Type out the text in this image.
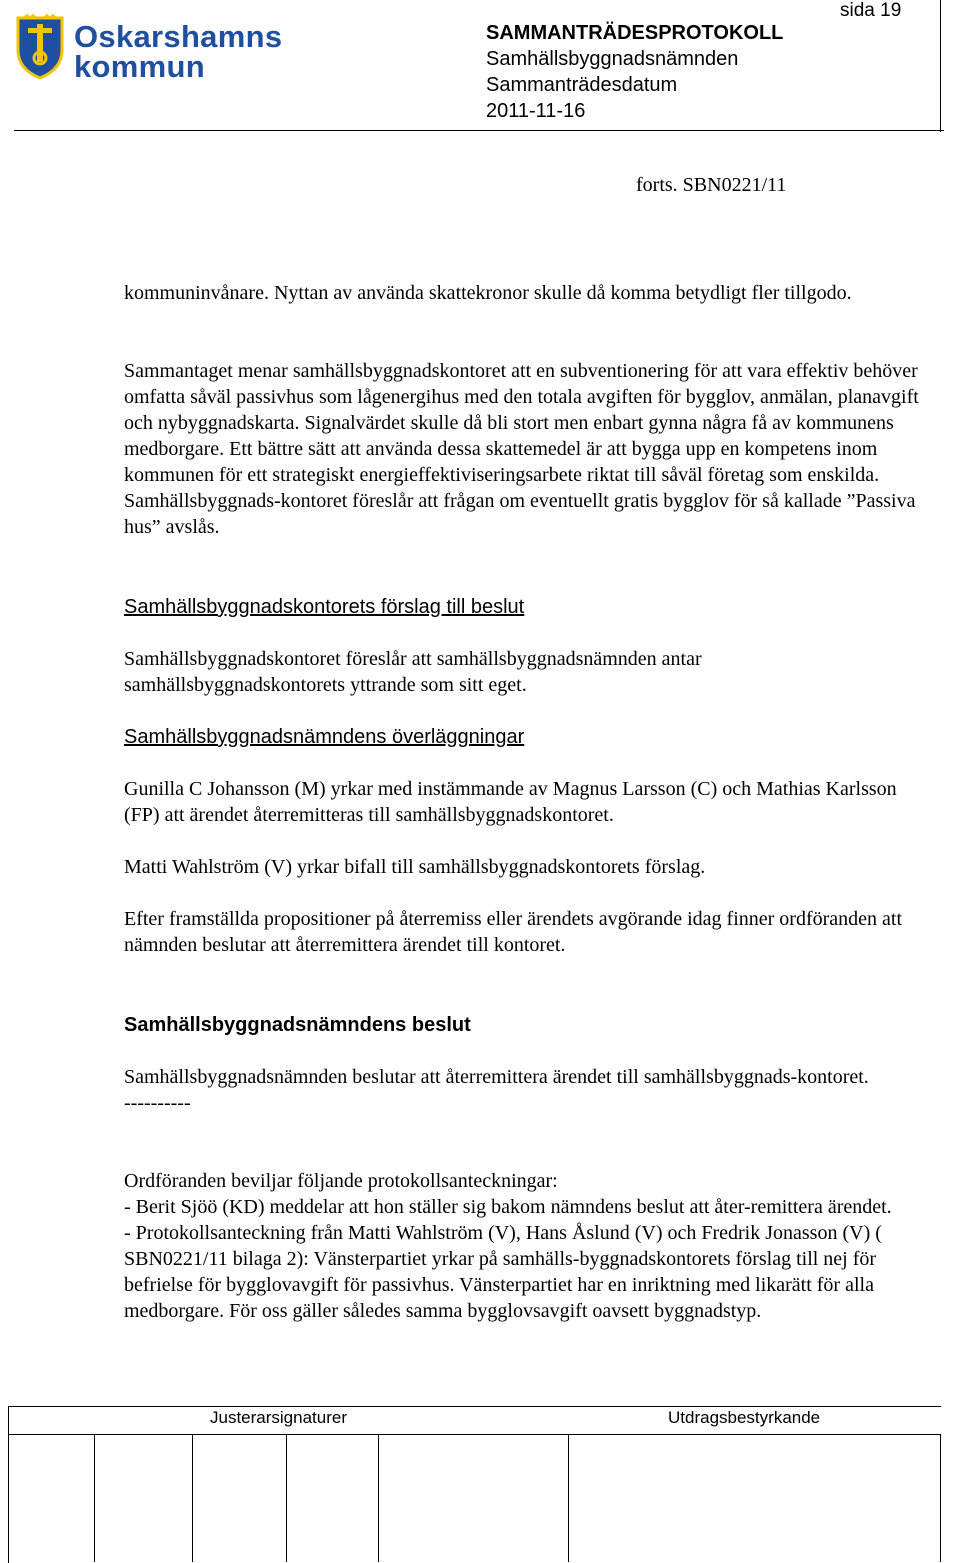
Oskarshamns
kommun
SAMMANTRÄDESPROTOKOLL
Samhällsbyggnadsnämnden
Sammanträdesdatum
2011-11-16
sida 19
forts. SBN0221/11

kommuninvånare. Nyttan av använda skattekronor skulle då komma betydligt fler tillgodo.

Sammantaget menar samhällsbyggnadskontoret att en subventionering för att vara effektiv behöver omfatta såväl passivhus som lågenergihus med den totala avgiften för bygglov, anmälan, planavgift och nybyggnadskarta. Signalvärdet skulle då bli stort men enbart gynna några få av kommunens medborgare. Ett bättre sätt att använda dessa skattemedel är att bygga upp en kompetens inom kommunen för ett strategiskt energieffektiviseringsarbete riktat till såväl företag som enskilda. Samhällsbyggnads-kontoret föreslår att frågan om eventuellt gratis bygglov för så kallade ”Passiva hus” avslås.

Samhällsbyggnadskontorets förslag till beslut

Samhällsbyggnadskontoret föreslår att samhällsbyggnadsnämnden antar samhällsbyggnadskontorets yttrande som sitt eget.

Samhällsbyggnadsnämndens överläggningar

Gunilla C Johansson (M) yrkar med instämmande av Magnus Larsson (C) och Mathias Karlsson (FP) att ärendet återremitteras till samhällsbyggnadskontoret.

Matti Wahlström (V) yrkar bifall till samhällsbyggnadskontorets förslag.

Efter framställda propositioner på återremiss eller ärendets avgörande idag finner ordföranden att nämnden beslutar att återremittera ärendet till kontoret.

Samhällsbyggnadsnämndens beslut

Samhällsbyggnadsnämnden beslutar att återremittera ärendet till samhällsbyggnads-kontoret.

----------

Ordföranden beviljar följande protokollsanteckningar:

- Berit Sjöö (KD) meddelar att hon ställer sig bakom nämndens beslut att åter-remittera ärendet.

- Protokollsanteckning från Matti Wahlström (V), Hans Åslund (V) och Fredrik Jonasson (V) ( SBN0221/11 bilaga 2): Vänsterpartiet yrkar på samhälls-byggnadskontorets förslag till nej för befrielse för bygglovavgift för passivhus. Vänsterpartiet har en inriktning med likarätt för alla medborgare. För oss gäller således samma bygglovsavgift oavsett byggnadstyp.

Justerarsignaturer	Utdragsbestyrkande
